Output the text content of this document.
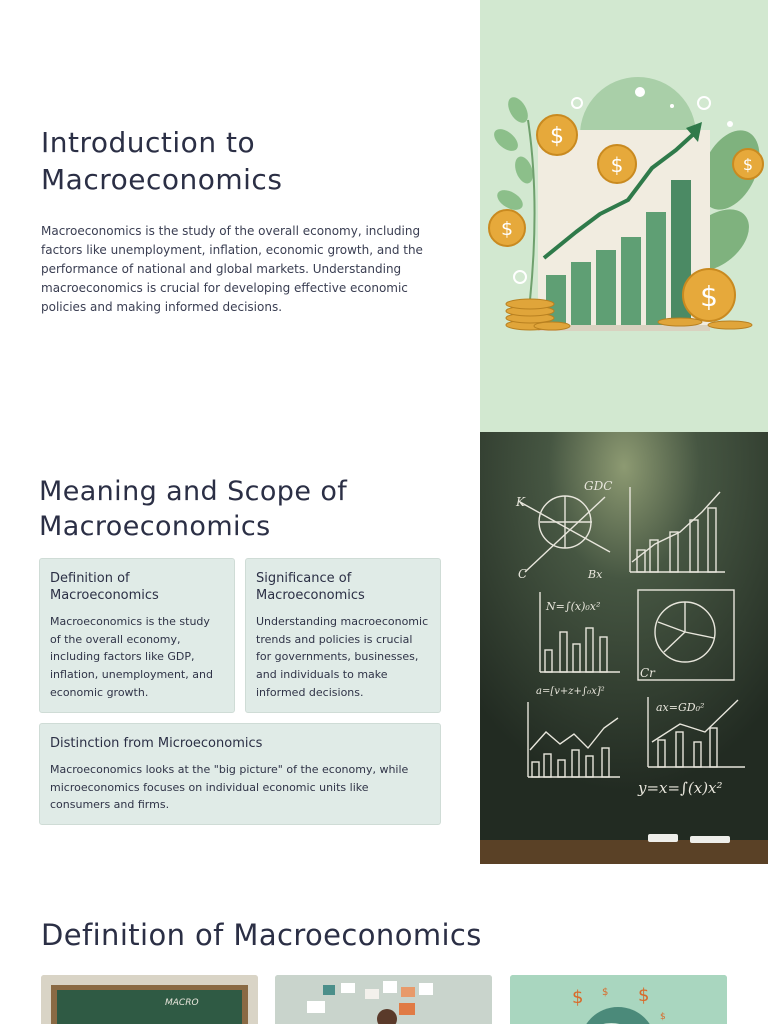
Introduction to Macroeconomics

Macroeconomics is the study of the overall economy, including factors like unemployment, inflation, economic growth, and the performance of national and global markets. Understanding macroeconomics is crucial for developing effective economic policies and making informed decisions.

$
$
$
$
$
Meaning and Scope of Macroeconomics
Definition of Macroeconomics
Macroeconomics is the study of the overall economy, including factors like GDP, inflation, unemployment, and economic growth.
Significance of Macroeconomics
Understanding macroeconomic trends and policies is crucial for governments, businesses, and individuals to make informed decisions.
Distinction from Microeconomics
Macroeconomics looks at the "big picture" of the economy, while microeconomics focuses on individual economic units like consumers and firms.
GDC
K
C	Bx
N=∫(x)₀x²
a=[v+z+∫₀x]²
Cr
ax=GD₀²
y=x=∫(x)x²
Definition of Macroeconomics
MACRO	$ $ $
$
